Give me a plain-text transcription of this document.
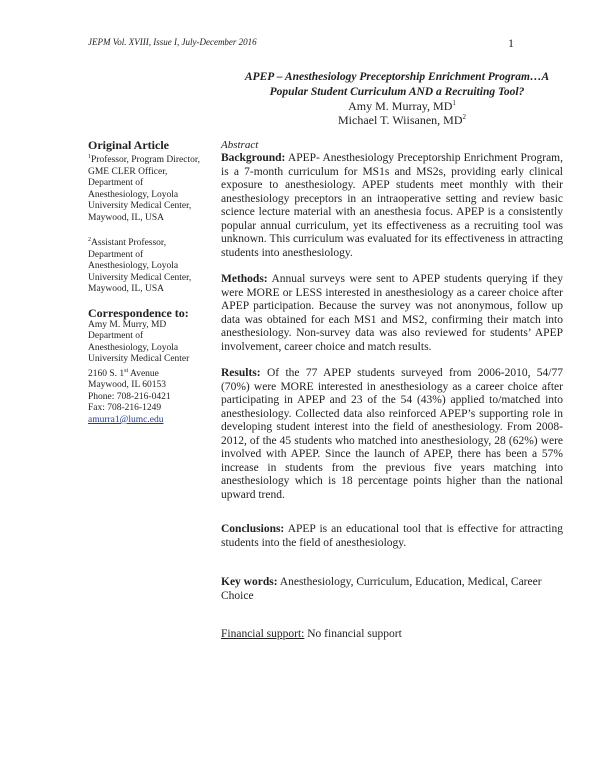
JEPM Vol. XVIII, Issue I, July-December 2016	1
APEP – Anesthesiology Preceptorship Enrichment Program…A
Popular Student Curriculum AND a Recruiting Tool?
Amy M. Murray, $MD^1$
Michael T. Wiisanen, $MD^2$

Original Article

$^1$Professor, Program Director,
GME CLER Officer,
Department of
Anesthesiology, Loyola
University Medical Center,
Maywood, IL, USA

$^2$Assistant Professor,
Department of
Anesthesiology, Loyola
University Medical Center,
Maywood, IL, USA

Correspondence to:

Amy M. Murry, MD
Department of
Anesthesiology, Loyola
University Medical Center
2160 S. 1st Avenue
Maywood, IL 60153
Phone: 708-216-0421
Fax: 708-216-1249
amurra1@lumc.edu

Abstract
Background: APEP- Anesthesiology Preceptorship Enrichment Program, is a 7-month curriculum for MS1s and MS2s, providing early clinical exposure to anesthesiology. APEP students meet monthly with their anesthesiology preceptors in an intraoperative setting and review basic science lecture material with an anesthesia focus. APEP is a consistently popular annual curriculum, yet its effectiveness as a recruiting tool was unknown. This curriculum was evaluated for its effectiveness in attracting students into anesthesiology.
Methods: Annual surveys were sent to APEP students querying if they were MORE or LESS interested in anesthesiology as a career choice after APEP participation. Because the survey was not anonymous, follow up data was obtained for each MS1 and MS2, confirming their match into anesthesiology. Non-survey data was also reviewed for students’ APEP involvement, career choice and match results.
Results: Of the 77 APEP students surveyed from 2006-2010, 54/77 (70%) were MORE interested in anesthesiology as a career choice after participating in APEP and 23 of the 54 (43%) applied to/matched into anesthesiology. Collected data also reinforced APEP’s supporting role in developing student interest into the field of anesthesiology. From 2008-2012, of the 45 students who matched into anesthesiology, 28 (62%) were involved with APEP. Since the launch of APEP, there has been a 57% increase in students from the previous five years matching into anesthesiology which is 18 percentage points higher than the national upward trend.
Conclusions: APEP is an educational tool that is effective for attracting students into the field of anesthesiology.
Key words: Anesthesiology, Curriculum, Education, Medical, Career Choice
Financial support: No financial support
